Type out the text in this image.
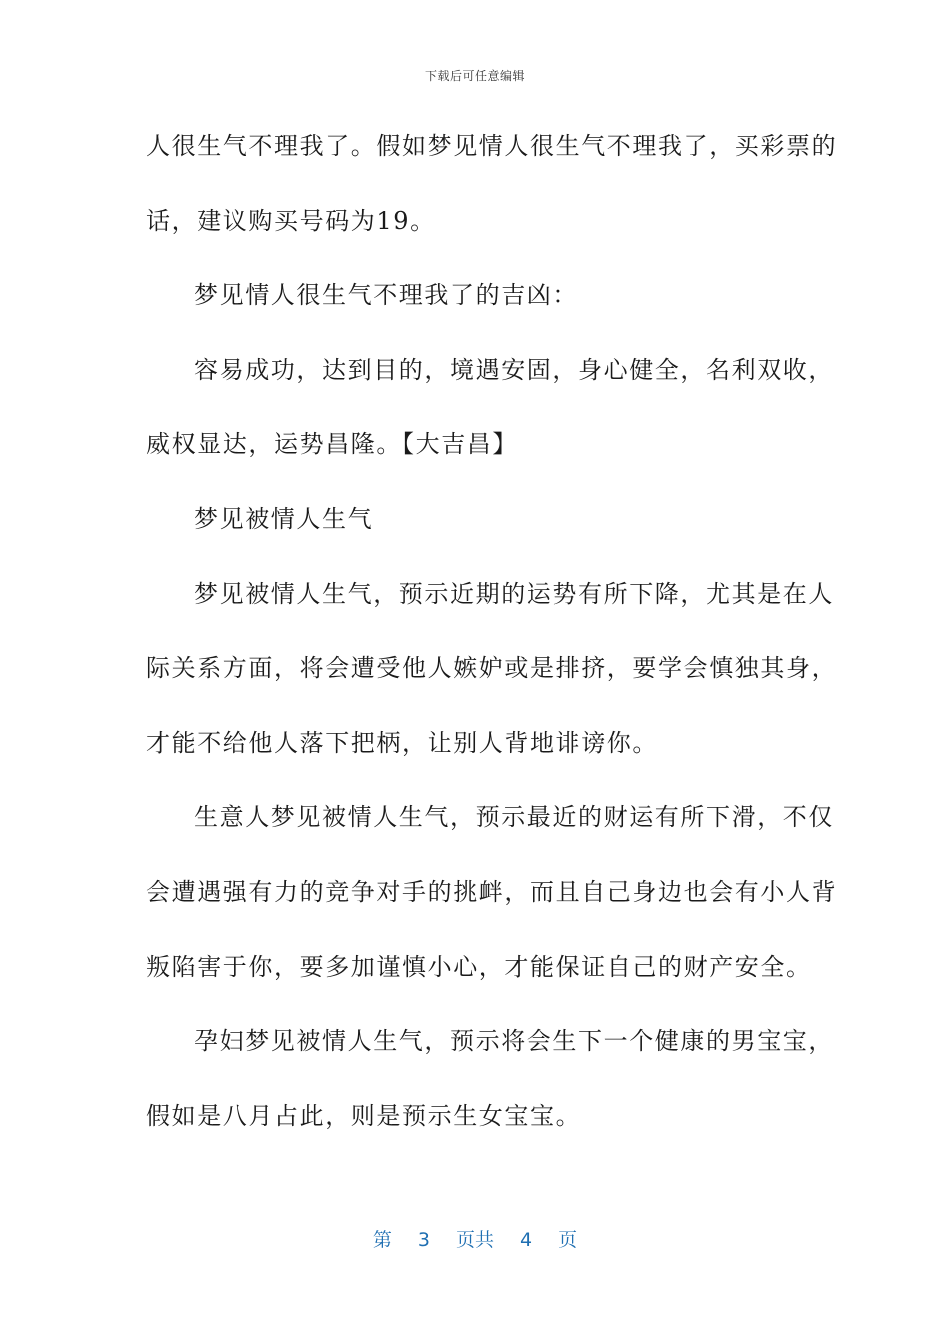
下载后可任意编辑
人很生气不理我了。假如梦见情人很生气不理我了，买彩票的
话，建议购买号码为19。
梦见情人很生气不理我了的吉凶：
容易成功，达到目的，境遇安固，身心健全，名利双收，
威权显达，运势昌隆。【大吉昌】
梦见被情人生气
梦见被情人生气，预示近期的运势有所下降，尤其是在人
际关系方面，将会遭受他人嫉妒或是排挤，要学会慎独其身，
才能不给他人落下把柄，让别人背地诽谤你。
生意人梦见被情人生气，预示最近的财运有所下滑，不仅
会遭遇强有力的竞争对手的挑衅，而且自己身边也会有小人背
叛陷害于你，要多加谨慎小心，才能保证自己的财产安全。
孕妇梦见被情人生气，预示将会生下一个健康的男宝宝，
假如是八月占此，则是预示生女宝宝。
第 3 页共 4 页
